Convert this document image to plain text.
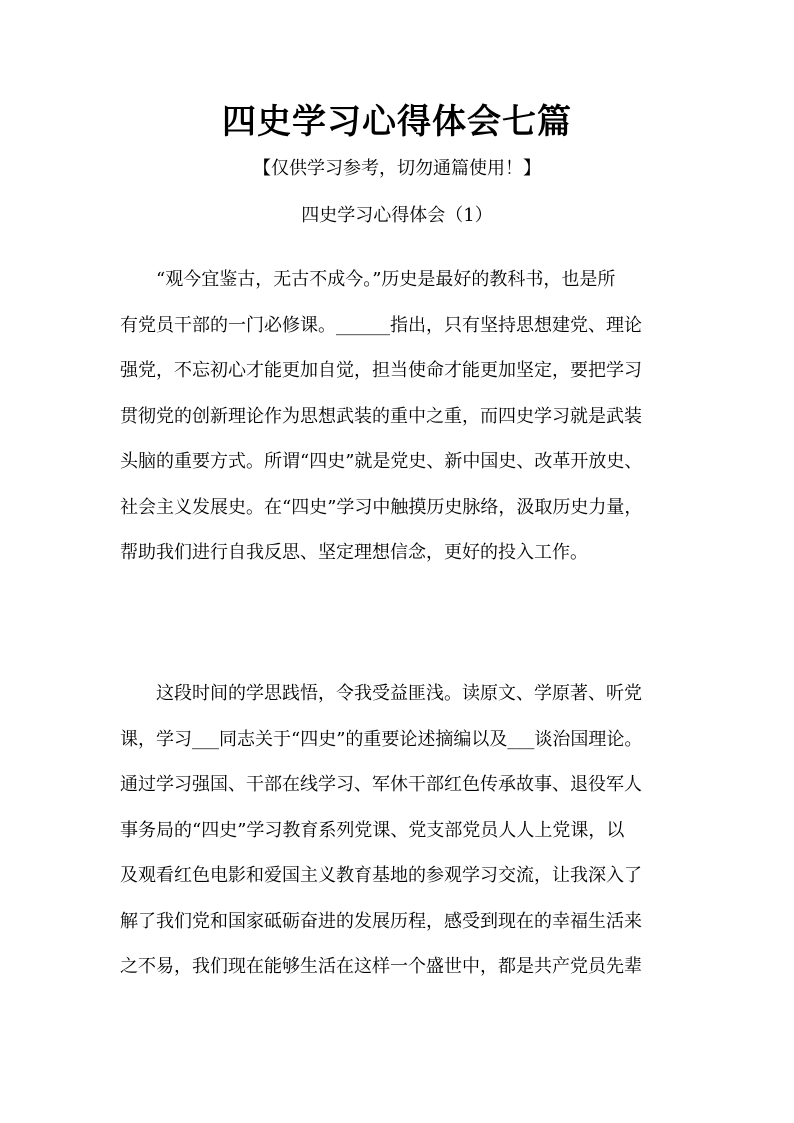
四史学习心得体会七篇

【仅供学习参考，切勿通篇使用！】

四史学习心得体会（1）

“观今宜鉴古，无古不成今。”历史是最好的教科书，也是所
有党员干部的一门必修课。______指出，只有坚持思想建党、理论
强党，不忘初心才能更加自觉，担当使命才能更加坚定，要把学习
贯彻党的创新理论作为思想武装的重中之重，而四史学习就是武装
头脑的重要方式。所谓“四史”就是党史、新中国史、改革开放史、
社会主义发展史。在“四史”学习中触摸历史脉络，汲取历史力量，
帮助我们进行自我反思、坚定理想信念，更好的投入工作。
这段时间的学思践悟，令我受益匪浅。读原文、学原著、听党
课，学习___同志关于“四史”的重要论述摘编以及___谈治国理论。
通过学习强国、干部在线学习、军休干部红色传承故事、退役军人
事务局的“四史”学习教育系列党课、党支部党员人人上党课，以
及观看红色电影和爱国主义教育基地的参观学习交流，让我深入了
解了我们党和国家砥砺奋进的发展历程，感受到现在的幸福生活来
之不易，我们现在能够生活在这样一个盛世中，都是共产党员先辈
